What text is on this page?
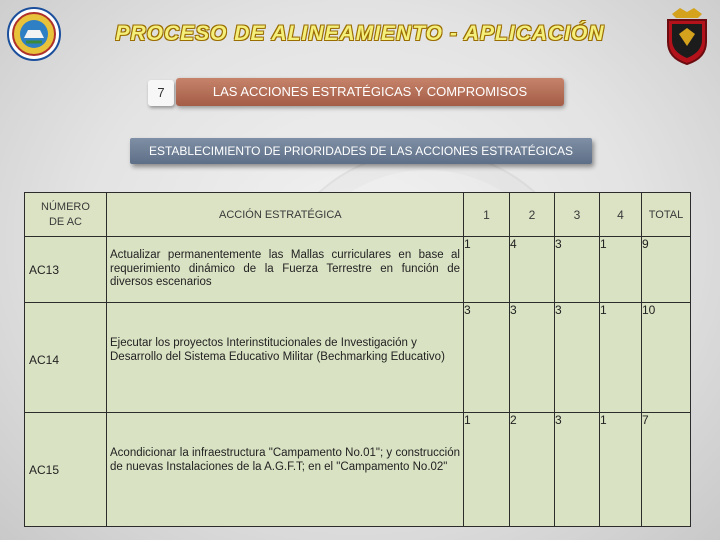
PROCESO DE ALINEAMIENTO - APLICACIÓN
7	LAS ACCIONES ESTRATÉGICAS Y COMPROMISOS
ESTABLECIMIENTO DE PRIORIDADES DE LAS ACCIONES ESTRATÉGICAS
NÚMERO DE AC	ACCIÓN ESTRATÉGICA	1	2	3	4	TOTAL
AC13	Actualizar permanentemente las Mallas curriculares en base al requerimiento dinámico de la Fuerza Terrestre en función de diversos escenarios	1	4	3	1	9
AC14	Ejecutar los proyectos Interinstitucionales de Investigación y Desarrollo del Sistema Educativo Militar (Bechmarking Educativo)	3	3	3	1	10
AC15	Acondicionar la infraestructura "Campamento No.01"; y construcción de nuevas Instalaciones de la A.G.F.T; en el "Campamento No.02"	1	2	3	1	7
